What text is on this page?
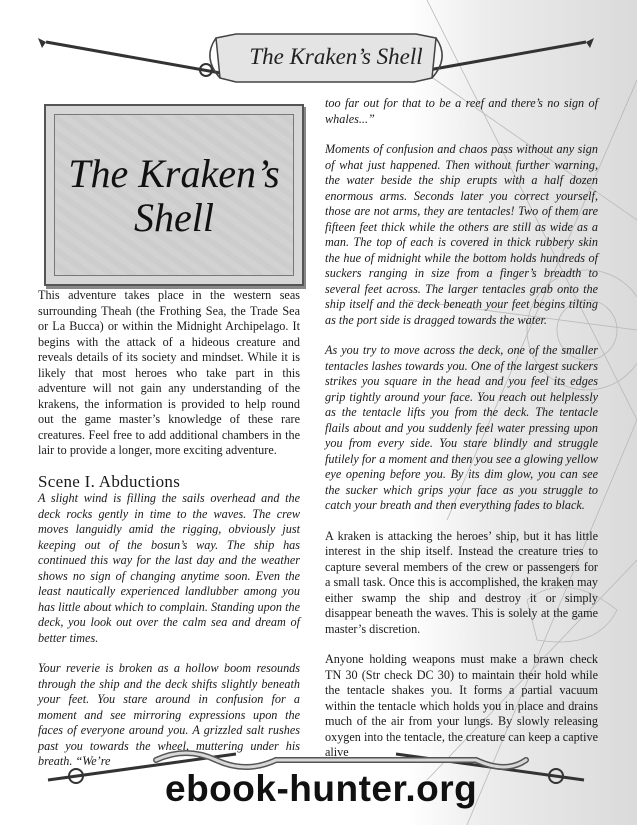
The Kraken’s Shell
The Kraken’s
Shell

This adventure takes place in the western seas surrounding Theah (the Frothing Sea, the Trade Sea or La Bucca) or within the Midnight Archipelago. It begins with the attack of a hideous creature and reveals details of its society and mindset. While it is likely that most heroes who take part in this adventure will not gain any understanding of the krakens, the information is provided to help round out the game master’s knowledge of these rare creatures. Feel free to add additional chambers in the lair to provide a longer, more exciting adventure.

Scene I. Abductions

A slight wind is filling the sails overhead and the deck rocks gently in time to the waves. The crew moves languidly amid the rigging, obviously just keeping out of the bosun’s way. The ship has continued this way for the last day and the weather shows no sign of changing anytime soon. Even the least nautically experienced landlubber among you has little about which to complain. Standing upon the deck, you look out over the calm sea and dream of better times.

Your reverie is broken as a hollow boom resounds through the ship and the deck shifts slightly beneath your feet. You stare around in confusion for a moment and see mirroring expressions upon the faces of everyone around you. A grizzled salt rushes past you towards the wheel, muttering under his breath. “We’re

too far out for that to be a reef and there’s no sign of whales...”

Moments of confusion and chaos pass without any sign of what just happened. Then without further warning, the water beside the ship erupts with a half dozen enormous arms. Seconds later you correct yourself, those are not arms, they are tentacles! Two of them are fifteen feet thick while the others are still as wide as a man. The top of each is covered in thick rubbery skin the hue of midnight while the bottom holds hundreds of suckers ranging in size from a finger’s breadth to several feet across. The larger tentacles grab onto the ship itself and the deck beneath your feet begins tilting as the port side is dragged towards the water.

As you try to move across the deck, one of the smaller tentacles lashes towards you. One of the largest suckers strikes you square in the head and you feel its edges grip tightly around your face. You reach out helplessly as the tentacle lifts you from the deck. The tentacle flails about and you suddenly feel water pressing upon you from every side. You stare blindly and struggle futilely for a moment and then you see a glowing yellow eye opening before you. By its dim glow, you can see the sucker which grips your face as you struggle to catch your breath and then everything fades to black.

A kraken is attacking the heroes’ ship, but it has little interest in the ship itself. Instead the creature tries to capture several members of the crew or passengers for a small task. Once this is accomplished, the kraken may either swamp the ship and destroy it or simply disappear beneath the waves. This is solely at the game master’s discretion.

Anyone holding weapons must make a brawn check TN 30 (Str check DC 30) to maintain their hold while the tentacle shakes you. It forms a partial vacuum within the tentacle which holds you in place and drains much of the air from your lungs. By slowly releasing oxygen into the tentacle, the creature can keep a captive alive

ebook-hunter.org
